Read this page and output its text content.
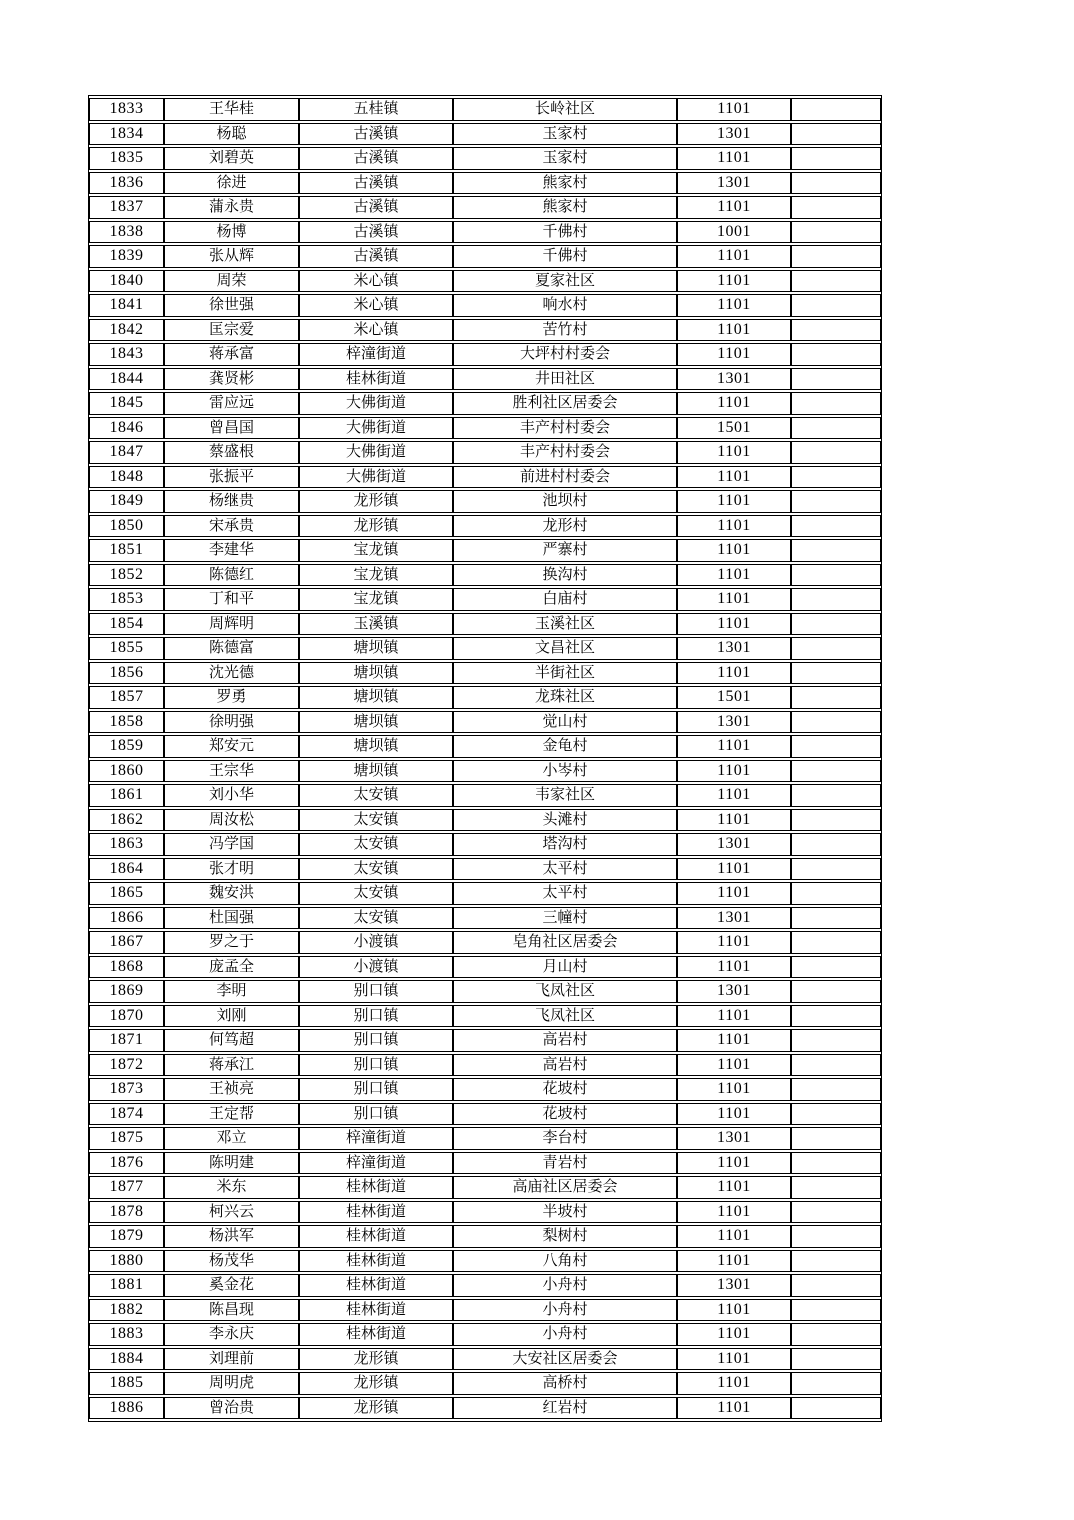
1833	王华桂	五桂镇	长岭社区	1101	
1834	杨聪	古溪镇	玉家村	1301	
1835	刘碧英	古溪镇	玉家村	1101	
1836	徐进	古溪镇	熊家村	1301	
1837	蒲永贵	古溪镇	熊家村	1101	
1838	杨博	古溪镇	千佛村	1001	
1839	张从辉	古溪镇	千佛村	1101	
1840	周荣	米心镇	夏家社区	1101	
1841	徐世强	米心镇	响水村	1101	
1842	匡宗爱	米心镇	苦竹村	1101	
1843	蒋承富	梓潼街道	大坪村村委会	1101	
1844	龚贤彬	桂林街道	井田社区	1301	
1845	雷应远	大佛街道	胜利社区居委会	1101	
1846	曾昌国	大佛街道	丰产村村委会	1501	
1847	蔡盛根	大佛街道	丰产村村委会	1101	
1848	张振平	大佛街道	前进村村委会	1101	
1849	杨继贵	龙形镇	池坝村	1101	
1850	宋承贵	龙形镇	龙形村	1101	
1851	李建华	宝龙镇	严寨村	1101	
1852	陈德红	宝龙镇	换沟村	1101	
1853	丁和平	宝龙镇	白庙村	1101	
1854	周辉明	玉溪镇	玉溪社区	1101	
1855	陈德富	塘坝镇	文昌社区	1301	
1856	沈光德	塘坝镇	半街社区	1101	
1857	罗勇	塘坝镇	龙珠社区	1501	
1858	徐明强	塘坝镇	觉山村	1301	
1859	郑安元	塘坝镇	金龟村	1101	
1860	王宗华	塘坝镇	小岑村	1101	
1861	刘小华	太安镇	韦家社区	1101	
1862	周汝松	太安镇	头滩村	1101	
1863	冯学国	太安镇	塔沟村	1301	
1864	张才明	太安镇	太平村	1101	
1865	魏安洪	太安镇	太平村	1101	
1866	杜国强	太安镇	三幢村	1301	
1867	罗之于	小渡镇	皂角社区居委会	1101	
1868	庞孟全	小渡镇	月山村	1101	
1869	李明	别口镇	飞凤社区	1301	
1870	刘刚	别口镇	飞凤社区	1101	
1871	何笃超	别口镇	高岩村	1101	
1872	蒋承江	别口镇	高岩村	1101	
1873	王祯亮	别口镇	花坡村	1101	
1874	王定帮	别口镇	花坡村	1101	
1875	邓立	梓潼街道	李台村	1301	
1876	陈明建	梓潼街道	青岩村	1101	
1877	米东	桂林街道	高庙社区居委会	1101	
1878	柯兴云	桂林街道	半坡村	1101	
1879	杨洪军	桂林街道	梨树村	1101	
1880	杨茂华	桂林街道	八角村	1101	
1881	奚金花	桂林街道	小舟村	1301	
1882	陈昌现	桂林街道	小舟村	1101	
1883	李永庆	桂林街道	小舟村	1101	
1884	刘理前	龙形镇	大安社区居委会	1101	
1885	周明虎	龙形镇	高桥村	1101	
1886	曾治贵	龙形镇	红岩村	1101	
